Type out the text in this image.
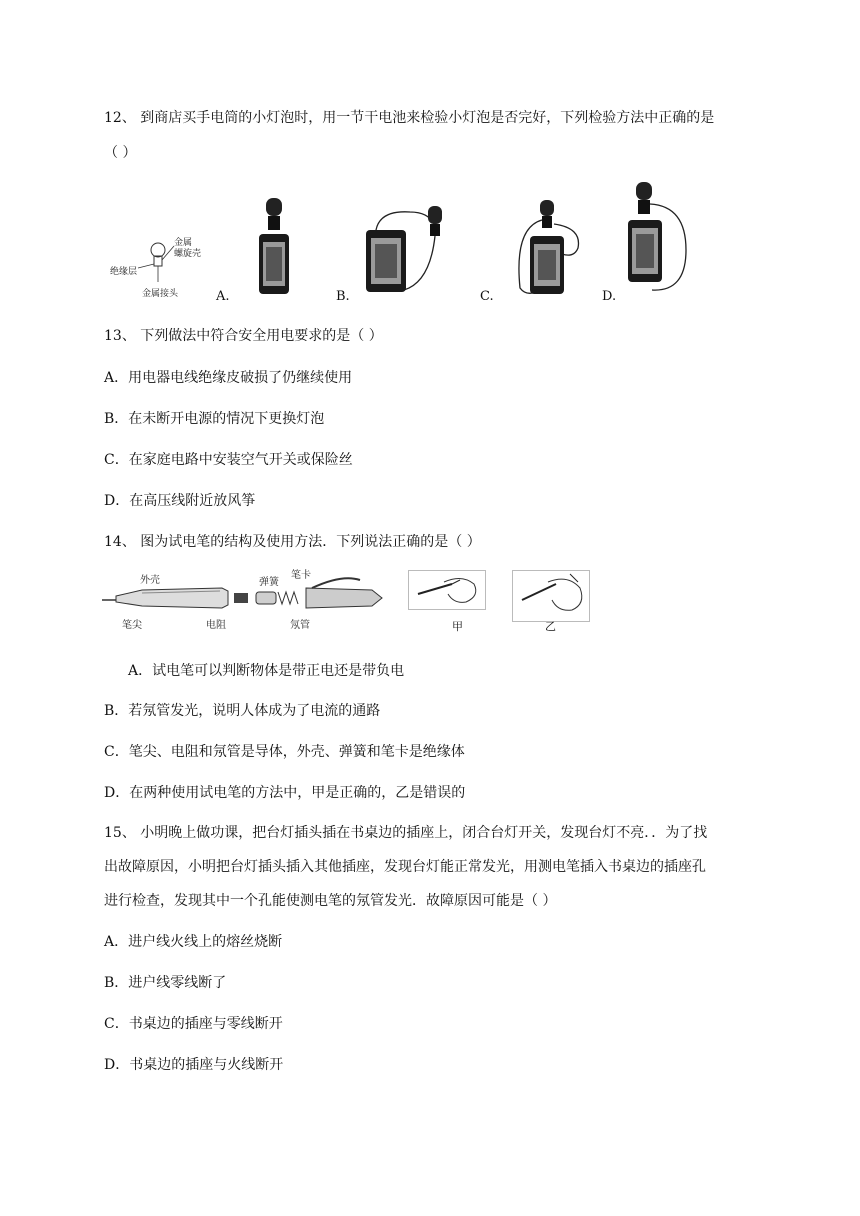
12、 到商店买手电筒的小灯泡时，用一节干电池来检验小灯泡是否完好，下列检验方法中正确的是
（ ）
金属
螺旋壳
绝缘层
金属接头	A.	B.	C.	D.
13、 下列做法中符合安全用电要求的是（ ）
A．用电器电线绝缘皮破损了仍继续使用
B．在未断开电源的情况下更换灯泡
C．在家庭电路中安装空气开关或保险丝
D．在高压线附近放风筝
14、 图为试电笔的结构及使用方法．下列说法正确的是（ ）
外壳	弹簧
笔卡
笔尖	电阻	氖管	甲	乙
A．试电笔可以判断物体是带正电还是带负电
B．若氖管发光，说明人体成为了电流的通路
C．笔尖、电阻和氖管是导体，外壳、弹簧和笔卡是绝缘体
D．在两种使用试电笔的方法中，甲是正确的，乙是错误的
15、 小明晚上做功课，把台灯插头插在书桌边的插座上，闭合台灯开关，发现台灯不亮．．为了找
出故障原因，小明把台灯插头插入其他插座，发现台灯能正常发光，用测电笔插入书桌边的插座孔
进行检查，发现其中一个孔能使测电笔的氖管发光．故障原因可能是（ ）
A．进户线火线上的熔丝烧断
B．进户线零线断了
C．书桌边的插座与零线断开
D．书桌边的插座与火线断开
